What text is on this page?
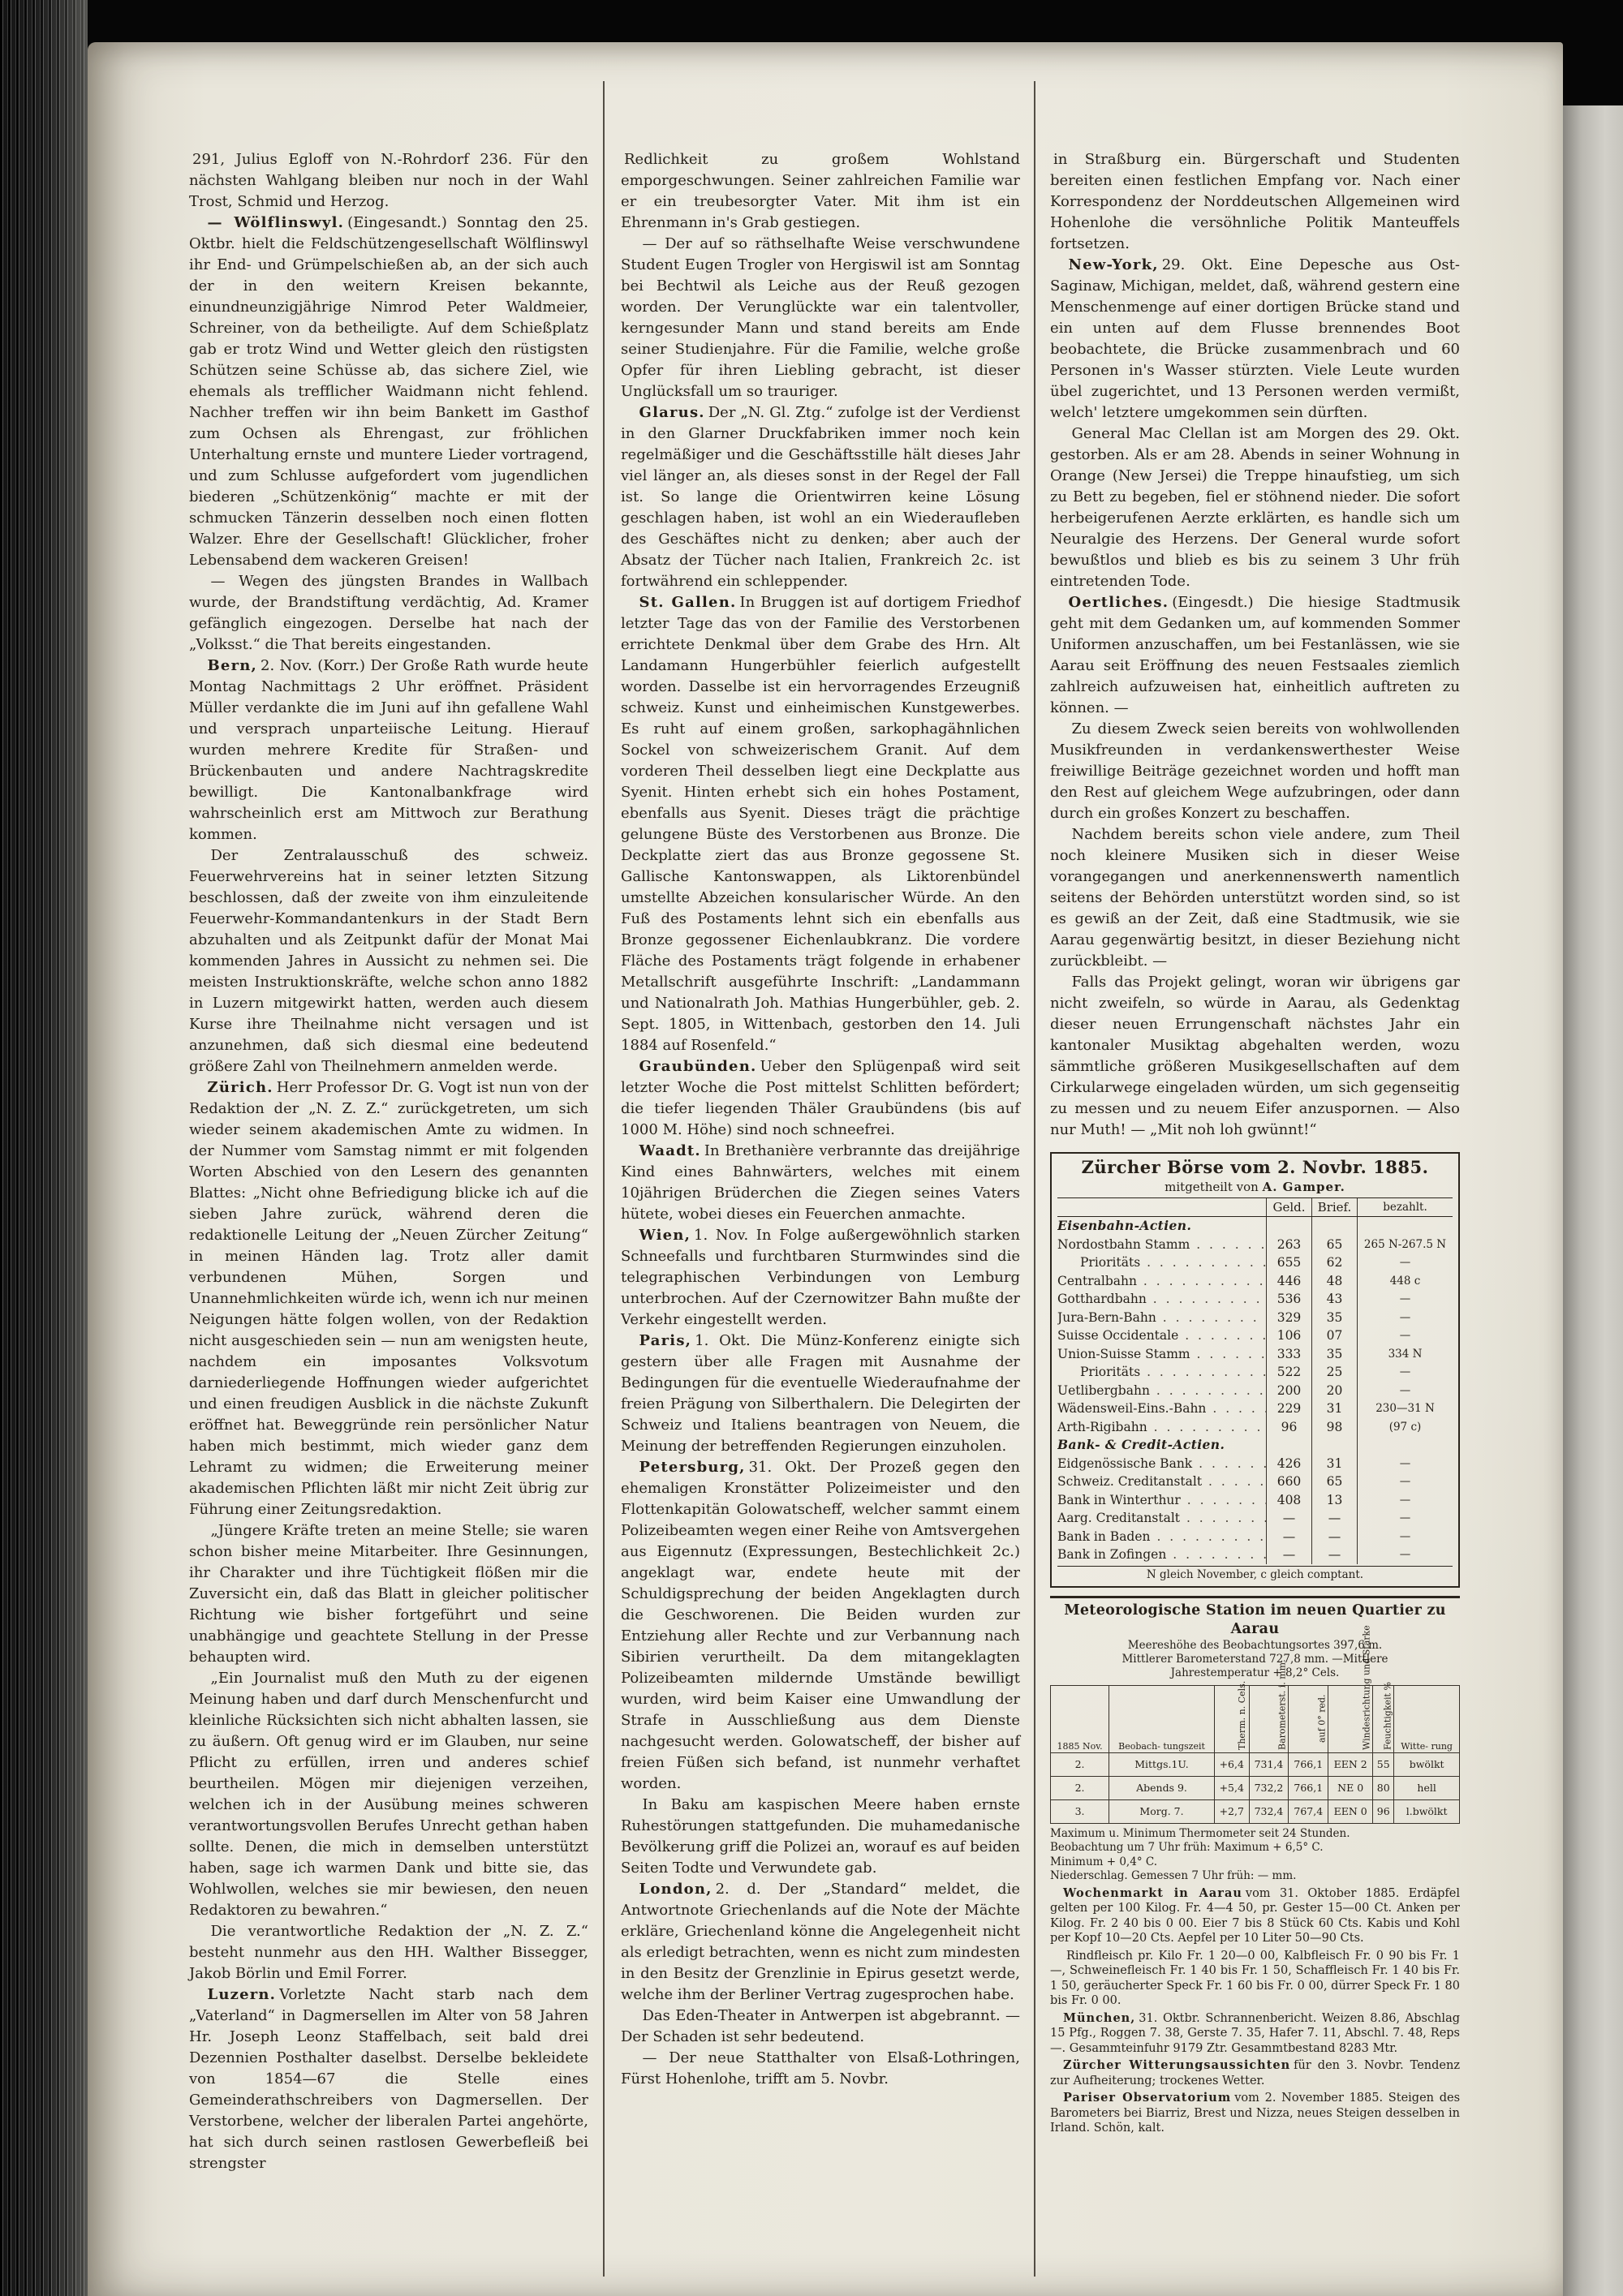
291, Julius Egloff von N.-Rohrdorf 236. Für den nächsten Wahlgang bleiben nur noch in der Wahl Trost, Schmid und Herzog.

— Wölflinswyl. (Eingesandt.) Sonntag den 25. Oktbr. hielt die Feldschützengesellschaft Wölflinswyl ihr End- und Grümpelschießen ab, an der sich auch der in den weitern Kreisen bekannte, einundneunzigjährige Nimrod Peter Waldmeier, Schreiner, von da betheiligte. Auf dem Schießplatz gab er trotz Wind und Wetter gleich den rüstigsten Schützen seine Schüsse ab, das sichere Ziel, wie ehemals als trefflicher Waidmann nicht fehlend. Nachher treffen wir ihn beim Bankett im Gasthof zum Ochsen als Ehrengast, zur fröhlichen Unterhaltung ernste und muntere Lieder vortragend, und zum Schlusse aufgefordert vom jugendlichen biederen „Schützenkönig“ machte er mit der schmucken Tänzerin desselben noch einen flotten Walzer. Ehre der Gesellschaft! Glücklicher, froher Lebensabend dem wackeren Greisen!

— Wegen des jüngsten Brandes in Wallbach wurde, der Brandstiftung verdächtig, Ad. Kramer gefänglich eingezogen. Derselbe hat nach der „Volksst.“ die That bereits eingestanden.

Bern, 2. Nov. (Korr.) Der Große Rath wurde heute Montag Nachmittags 2 Uhr eröffnet. Präsident Müller verdankte die im Juni auf ihn gefallene Wahl und versprach unparteiische Leitung. Hierauf wurden mehrere Kredite für Straßen- und Brückenbauten und andere Nachtragskredite bewilligt. Die Kantonalbankfrage wird wahrscheinlich erst am Mittwoch zur Berathung kommen.

Der Zentralausschuß des schweiz. Feuerwehrvereins hat in seiner letzten Sitzung beschlossen, daß der zweite von ihm einzuleitende Feuerwehr-Kommandantenkurs in der Stadt Bern abzuhalten und als Zeitpunkt dafür der Monat Mai kommenden Jahres in Aussicht zu nehmen sei. Die meisten Instruktionskräfte, welche schon anno 1882 in Luzern mitgewirkt hatten, werden auch diesem Kurse ihre Theilnahme nicht versagen und ist anzunehmen, daß sich diesmal eine bedeutend größere Zahl von Theilnehmern anmelden werde.

Zürich. Herr Professor Dr. G. Vogt ist nun von der Redaktion der „N. Z. Z.“ zurückgetreten, um sich wieder seinem akademischen Amte zu widmen. In der Nummer vom Samstag nimmt er mit folgenden Worten Abschied von den Lesern des genannten Blattes: „Nicht ohne Befriedigung blicke ich auf die sieben Jahre zurück, während deren die redaktionelle Leitung der „Neuen Zürcher Zeitung“ in meinen Händen lag. Trotz aller damit verbundenen Mühen, Sorgen und Unannehmlichkeiten würde ich, wenn ich nur meinen Neigungen hätte folgen wollen, von der Redaktion nicht ausgeschieden sein — nun am wenigsten heute, nachdem ein imposantes Volksvotum darniederliegende Hoffnungen wieder aufgerichtet und einen freudigen Ausblick in die nächste Zukunft eröffnet hat. Beweggründe rein persönlicher Natur haben mich bestimmt, mich wieder ganz dem Lehramt zu widmen; die Erweiterung meiner akademischen Pflichten läßt mir nicht Zeit übrig zur Führung einer Zeitungsredaktion.

„Jüngere Kräfte treten an meine Stelle; sie waren schon bisher meine Mitarbeiter. Ihre Gesinnungen, ihr Charakter und ihre Tüchtigkeit flößen mir die Zuversicht ein, daß das Blatt in gleicher politischer Richtung wie bisher fortgeführt und seine unabhängige und geachtete Stellung in der Presse behaupten wird.

„Ein Journalist muß den Muth zu der eigenen Meinung haben und darf durch Menschenfurcht und kleinliche Rücksichten sich nicht abhalten lassen, sie zu äußern. Oft genug wird er im Glauben, nur seine Pflicht zu erfüllen, irren und anderes schief beurtheilen. Mögen mir diejenigen verzeihen, welchen ich in der Ausübung meines schweren verantwortungsvollen Berufes Unrecht gethan haben sollte. Denen, die mich in demselben unterstützt haben, sage ich warmen Dank und bitte sie, das Wohlwollen, welches sie mir bewiesen, den neuen Redaktoren zu bewahren.“

Die verantwortliche Redaktion der „N. Z. Z.“ besteht nunmehr aus den HH. Walther Bissegger, Jakob Börlin und Emil Forrer.

Luzern. Vorletzte Nacht starb nach dem „Vaterland“ in Dagmersellen im Alter von 58 Jahren Hr. Joseph Leonz Staffelbach, seit bald drei Dezennien Posthalter daselbst. Derselbe bekleidete von 1854—67 die Stelle eines Gemeinderathschreibers von Dagmersellen. Der Verstorbene, welcher der liberalen Partei angehörte, hat sich durch seinen rastlosen Gewerbefleiß bei strengster

Redlichkeit zu großem Wohlstand emporgeschwungen. Seiner zahlreichen Familie war er ein treubesorgter Vater. Mit ihm ist ein Ehrenmann in's Grab gestiegen.

— Der auf so räthselhafte Weise verschwundene Student Eugen Trogler von Hergiswil ist am Sonntag bei Bechtwil als Leiche aus der Reuß gezogen worden. Der Verunglückte war ein talentvoller, kerngesunder Mann und stand bereits am Ende seiner Studienjahre. Für die Familie, welche große Opfer für ihren Liebling gebracht, ist dieser Unglücksfall um so trauriger.

Glarus. Der „N. Gl. Ztg.“ zufolge ist der Verdienst in den Glarner Druckfabriken immer noch kein regelmäßiger und die Geschäftsstille hält dieses Jahr viel länger an, als dieses sonst in der Regel der Fall ist. So lange die Orientwirren keine Lösung geschlagen haben, ist wohl an ein Wiederaufleben des Geschäftes nicht zu denken; aber auch der Absatz der Tücher nach Italien, Frankreich 2c. ist fortwährend ein schleppender.

St. Gallen. In Bruggen ist auf dortigem Friedhof letzter Tage das von der Familie des Verstorbenen errichtete Denkmal über dem Grabe des Hrn. Alt Landamann Hungerbühler feierlich aufgestellt worden. Dasselbe ist ein hervorragendes Erzeugniß schweiz. Kunst und einheimischen Kunstgewerbes. Es ruht auf einem großen, sarkophagähnlichen Sockel von schweizerischem Granit. Auf dem vorderen Theil desselben liegt eine Deckplatte aus Syenit. Hinten erhebt sich ein hohes Postament, ebenfalls aus Syenit. Dieses trägt die prächtige gelungene Büste des Verstorbenen aus Bronze. Die Deckplatte ziert das aus Bronze gegossene St. Gallische Kantonswappen, als Liktorenbündel umstellte Abzeichen konsularischer Würde. An den Fuß des Postaments lehnt sich ein ebenfalls aus Bronze gegossener Eichenlaubkranz. Die vordere Fläche des Postaments trägt folgende in erhabener Metallschrift ausgeführte Inschrift: „Landammann und Nationalrath Joh. Mathias Hungerbühler, geb. 2. Sept. 1805, in Wittenbach, gestorben den 14. Juli 1884 auf Rosenfeld.“

Graubünden. Ueber den Splügenpaß wird seit letzter Woche die Post mittelst Schlitten befördert; die tiefer liegenden Thäler Graubündens (bis auf 1000 M. Höhe) sind noch schneefrei.

Waadt. In Brethanière verbrannte das dreijährige Kind eines Bahnwärters, welches mit einem 10jährigen Brüderchen die Ziegen seines Vaters hütete, wobei dieses ein Feuerchen anmachte.

Wien, 1. Nov. In Folge außergewöhnlich starken Schneefalls und furchtbaren Sturmwindes sind die telegraphischen Verbindungen von Lemburg unterbrochen. Auf der Czernowitzer Bahn mußte der Verkehr eingestellt werden.

Paris, 1. Okt. Die Münz-Konferenz einigte sich gestern über alle Fragen mit Ausnahme der Bedingungen für die eventuelle Wiederaufnahme der freien Prägung von Silberthalern. Die Delegirten der Schweiz und Italiens beantragen von Neuem, die Meinung der betreffenden Regierungen einzuholen.

Petersburg, 31. Okt. Der Prozeß gegen den ehemaligen Kronstätter Polizeimeister und den Flottenkapitän Golowatscheff, welcher sammt einem Polizeibeamten wegen einer Reihe von Amtsvergehen aus Eigennutz (Expressungen, Bestechlichkeit 2c.) angeklagt war, endete heute mit der Schuldigsprechung der beiden Angeklagten durch die Geschworenen. Die Beiden wurden zur Entziehung aller Rechte und zur Verbannung nach Sibirien verurtheilt. Da dem mitangeklagten Polizeibeamten mildernde Umstände bewilligt wurden, wird beim Kaiser eine Umwandlung der Strafe in Ausschließung aus dem Dienste nachgesucht werden. Golowatscheff, der bisher auf freien Füßen sich befand, ist nunmehr verhaftet worden.

In Baku am kaspischen Meere haben ernste Ruhestörungen stattgefunden. Die muhamedanische Bevölkerung griff die Polizei an, worauf es auf beiden Seiten Todte und Verwundete gab.

London, 2. d. Der „Standard“ meldet, die Antwortnote Griechenlands auf die Note der Mächte erkläre, Griechenland könne die Angelegenheit nicht als erledigt betrachten, wenn es nicht zum mindesten in den Besitz der Grenzlinie in Epirus gesetzt werde, welche ihm der Berliner Vertrag zugesprochen habe.

Das Eden-Theater in Antwerpen ist abgebrannt. — Der Schaden ist sehr bedeutend.

— Der neue Statthalter von Elsaß-Lothringen, Fürst Hohenlohe, trifft am 5. Novbr.

in Straßburg ein. Bürgerschaft und Studenten bereiten einen festlichen Empfang vor. Nach einer Korrespondenz der Norddeutschen Allgemeinen wird Hohenlohe die versöhnliche Politik Manteuffels fortsetzen.

New-York, 29. Okt. Eine Depesche aus Ost-Saginaw, Michigan, meldet, daß, während gestern eine Menschenmenge auf einer dortigen Brücke stand und ein unten auf dem Flusse brennendes Boot beobachtete, die Brücke zusammenbrach und 60 Personen in's Wasser stürzten. Viele Leute wurden übel zugerichtet, und 13 Personen werden vermißt, welch' letztere umgekommen sein dürften.

General Mac Clellan ist am Morgen des 29. Okt. gestorben. Als er am 28. Abends in seiner Wohnung in Orange (New Jersei) die Treppe hinaufstieg, um sich zu Bett zu begeben, fiel er stöhnend nieder. Die sofort herbeigerufenen Aerzte erklärten, es handle sich um Neuralgie des Herzens. Der General wurde sofort bewußtlos und blieb es bis zu seinem 3 Uhr früh eintretenden Tode.

Oertliches. (Eingesdt.) Die hiesige Stadtmusik geht mit dem Gedanken um, auf kommenden Sommer Uniformen anzuschaffen, um bei Festanlässen, wie sie Aarau seit Eröffnung des neuen Festsaales ziemlich zahlreich aufzuweisen hat, einheitlich auftreten zu können. —

Zu diesem Zweck seien bereits von wohlwollenden Musikfreunden in verdankenswerthester Weise freiwillige Beiträge gezeichnet worden und hofft man den Rest auf gleichem Wege aufzubringen, oder dann durch ein großes Konzert zu beschaffen.

Nachdem bereits schon viele andere, zum Theil noch kleinere Musiken sich in dieser Weise vorangegangen und anerkennenswerth namentlich seitens der Behörden unterstützt worden sind, so ist es gewiß an der Zeit, daß eine Stadtmusik, wie sie Aarau gegenwärtig besitzt, in dieser Beziehung nicht zurückbleibt. —

Falls das Projekt gelingt, woran wir übrigens gar nicht zweifeln, so würde in Aarau, als Gedenktag dieser neuen Errungenschaft nächstes Jahr ein kantonaler Musiktag abgehalten werden, wozu sämmtliche größeren Musikgesellschaften auf dem Cirkularwege eingeladen würden, um sich gegenseitig zu messen und zu neuem Eifer anzuspornen. — Also nur Muth! — „Mit noh loh gwünnt!“

Zürcher Börse vom 2. Novbr. 1885.
mitgetheilt von A. Gamper.
Geld.	Brief.	bezahlt.
Eisenbahn-Actien.
Nordostbahn Stamm . . .	263	65	265 N-267.5 N
Prioritäts . . .	655	62	—
Centralbahn . . .	446	48	448 c
Gotthardbahn . . .	536	43	—
Jura-Bern-Bahn . . .	329	35	—
Suisse Occidentale . . .	106	07	—
Union-Suisse Stamm . . .	333	35	334 N
Prioritäts . . .	522	25	—
Uetlibergbahn . . .	200	20	—
Wädensweil-Eins.-Bahn . . .	229	31	230—31 N
Arth-Rigibahn . . .	96	98	(97 c)
Bank- & Credit-Actien.
Eidgenössische Bank . . .	426	31	—
Schweiz. Creditanstalt . . .	660	65	—
Bank in Winterthur . . .	408	13	—
Aarg. Creditanstalt . . .	—	—	—
Bank in Baden . . .	—	—	—
Bank in Zofingen . . .	—	—	—
N gleich November, c gleich comptant.
Meteorologische Station im neuen Quartier zu Aarau
Meereshöhe des Beobachtungsortes 397,6 m.
Mittlerer Barometerstand 727,8 mm. —Mittlere
Jahrestemperatur + 8,2° Cels.
1885 Nov.	Beobach- tungszeit	Therm. n. Cels.	Barometerst. i. mm.	auf 0° red.	Windesrichtung und Stärke	Feuchtigkeit %	Witte- rung
2.	Mittgs.1U.	+6,4	731,4	766,1	EEN 2	55	bwölkt
2.	Abends 9.	+5,4	732,2	766,1	NE 0	80	hell
3.	Morg. 7.	+2,7	732,4	767,4	EEN 0	96	l.bwölkt
Maximum u. Minimum Thermometer seit 24 Stunden.
Beobachtung um 7 Uhr früh: Maximum + 6,5° C.
Minimum + 0,4° C.
Niederschlag. Gemessen 7 Uhr früh: — mm.

Wochenmarkt in Aarau vom 31. Oktober 1885. Erdäpfel gelten per 100 Kilog. Fr. 4—4 50, pr. Gester 15—00 Ct. Anken per Kilog. Fr. 2 40 bis 0 00. Eier 7 bis 8 Stück 60 Cts. Kabis und Kohl per Kopf 10—20 Cts. Aepfel per 10 Liter 50—90 Cts.

Rindfleisch pr. Kilo Fr. 1 20—0 00, Kalbfleisch Fr. 0 90 bis Fr. 1 —, Schweinefleisch Fr. 1 40 bis Fr. 1 50, Schaffleisch Fr. 1 40 bis Fr. 1 50, geräucherter Speck Fr. 1 60 bis Fr. 0 00, dürrer Speck Fr. 1 80 bis Fr. 0 00.

München, 31. Oktbr. Schrannenbericht. Weizen 8.86, Abschlag 15 Pfg., Roggen 7. 38, Gerste 7. 35, Hafer 7. 11, Abschl. 7. 48, Reps —. Gesammteinfuhr 9179 Ztr. Gesammtbestand 8283 Mtr.

Zürcher Witterungsaussichten für den 3. Novbr. Tendenz zur Aufheiterung; trockenes Wetter.

Pariser Observatorium vom 2. November 1885. Steigen des Barometers bei Biarriz, Brest und Nizza, neues Steigen desselben in Irland. Schön, kalt.
